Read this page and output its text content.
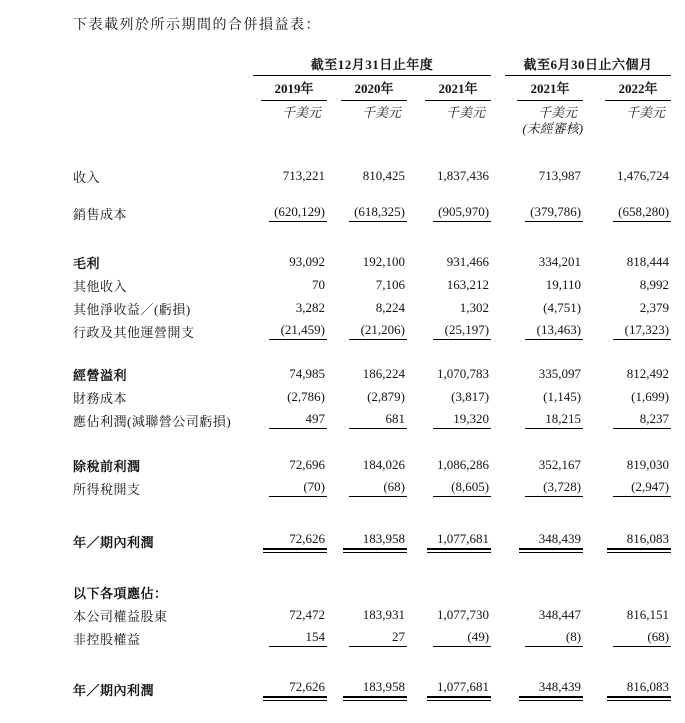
下表載列於所示期間的合併損益表：

	截至12月31日止年度				截至6月30日止六個月	
	2019年	2020年	2021年		2021年	2022年
	千美元	千美元	千美元		千美元	千美元
					(未經審核)	

收入	713,221	810,425	1,837,436		713,987	1,476,724

銷售成本	(620,129)	(618,325)	(905,970)		(379,786)	(658,280)

毛利	93,092	192,100	931,466		334,201	818,444
其他收入	70	7,106	163,212		19,110	8,992
其他淨收益／(虧損)	3,282	8,224	1,302		(4,751)	2,379
行政及其他運營開支	(21,459)	(21,206)	(25,197)		(13,463)	(17,323)

經營溢利	74,985	186,224	1,070,783		335,097	812,492
財務成本	(2,786)	(2,879)	(3,817)		(1,145)	(1,699)
應佔利潤(減聯營公司虧損)	497	681	19,320		18,215	8,237

除稅前利潤	72,696	184,026	1,086,286		352,167	819,030
所得稅開支	(70)	(68)	(8,605)		(3,728)	(2,947)

年／期內利潤	72,626	183,958	1,077,681		348,439	816,083

以下各項應佔：						
本公司權益股東	72,472	183,931	1,077,730		348,447	816,151
非控股權益	154	27	(49)		(8)	(68)

年／期內利潤	72,626	183,958	1,077,681		348,439	816,083
